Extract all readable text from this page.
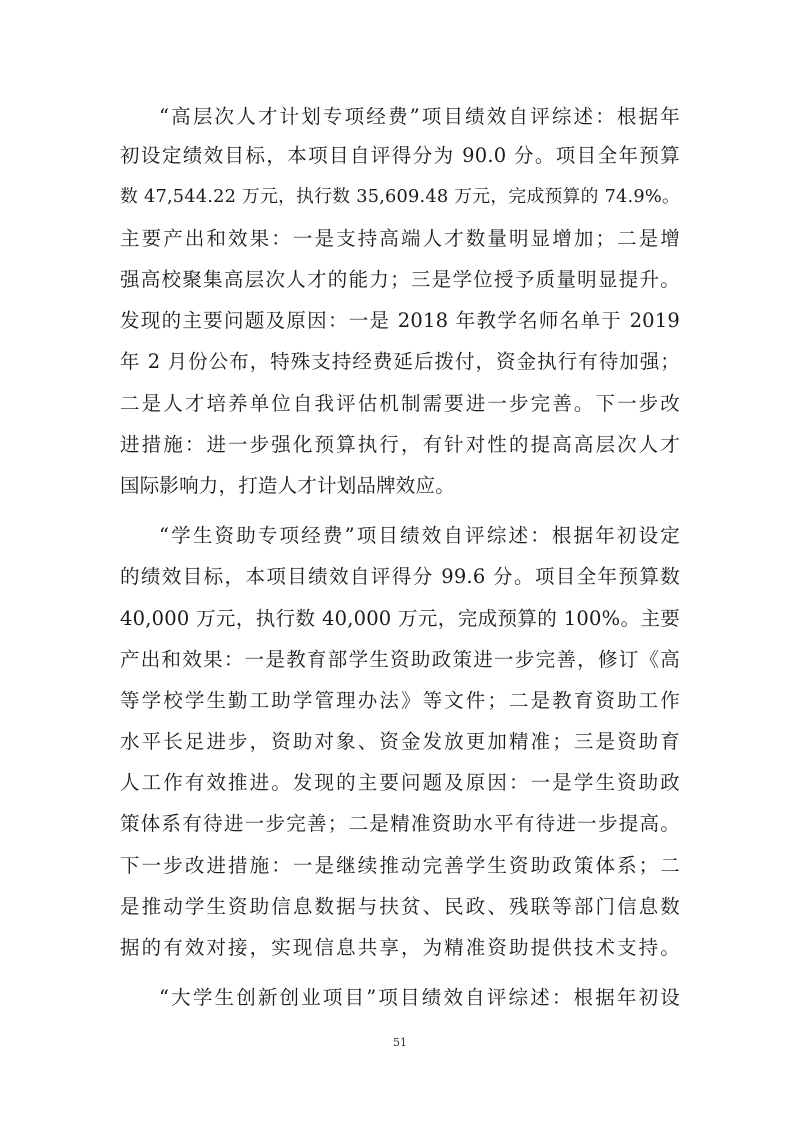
“高层次人才计划专项经费”项目绩效自评综述：根据年
初设定绩效目标，本项目自评得分为 90.0 分。项目全年预算
数 47,544.22 万元，执行数 35,609.48 万元，完成预算的 74.9%。
主要产出和效果：一是支持高端人才数量明显增加；二是增
强高校聚集高层次人才的能力；三是学位授予质量明显提升。
发现的主要问题及原因：一是 2018 年教学名师名单于 2019
年 2 月份公布，特殊支持经费延后拨付，资金执行有待加强；
二是人才培养单位自我评估机制需要进一步完善。下一步改
进措施：进一步强化预算执行，有针对性的提高高层次人才
国际影响力，打造人才计划品牌效应。
“学生资助专项经费”项目绩效自评综述：根据年初设定
的绩效目标，本项目绩效自评得分 99.6 分。项目全年预算数
40,000 万元，执行数 40,000 万元，完成预算的 100%。主要
产出和效果：一是教育部学生资助政策进一步完善，修订《高
等学校学生勤工助学管理办法》等文件；二是教育资助工作
水平长足进步，资助对象、资金发放更加精准；三是资助育
人工作有效推进。发现的主要问题及原因：一是学生资助政
策体系有待进一步完善；二是精准资助水平有待进一步提高。
下一步改进措施：一是继续推动完善学生资助政策体系；二
是推动学生资助信息数据与扶贫、民政、残联等部门信息数
据的有效对接，实现信息共享，为精准资助提供技术支持。
“大学生创新创业项目”项目绩效自评综述：根据年初设
51
